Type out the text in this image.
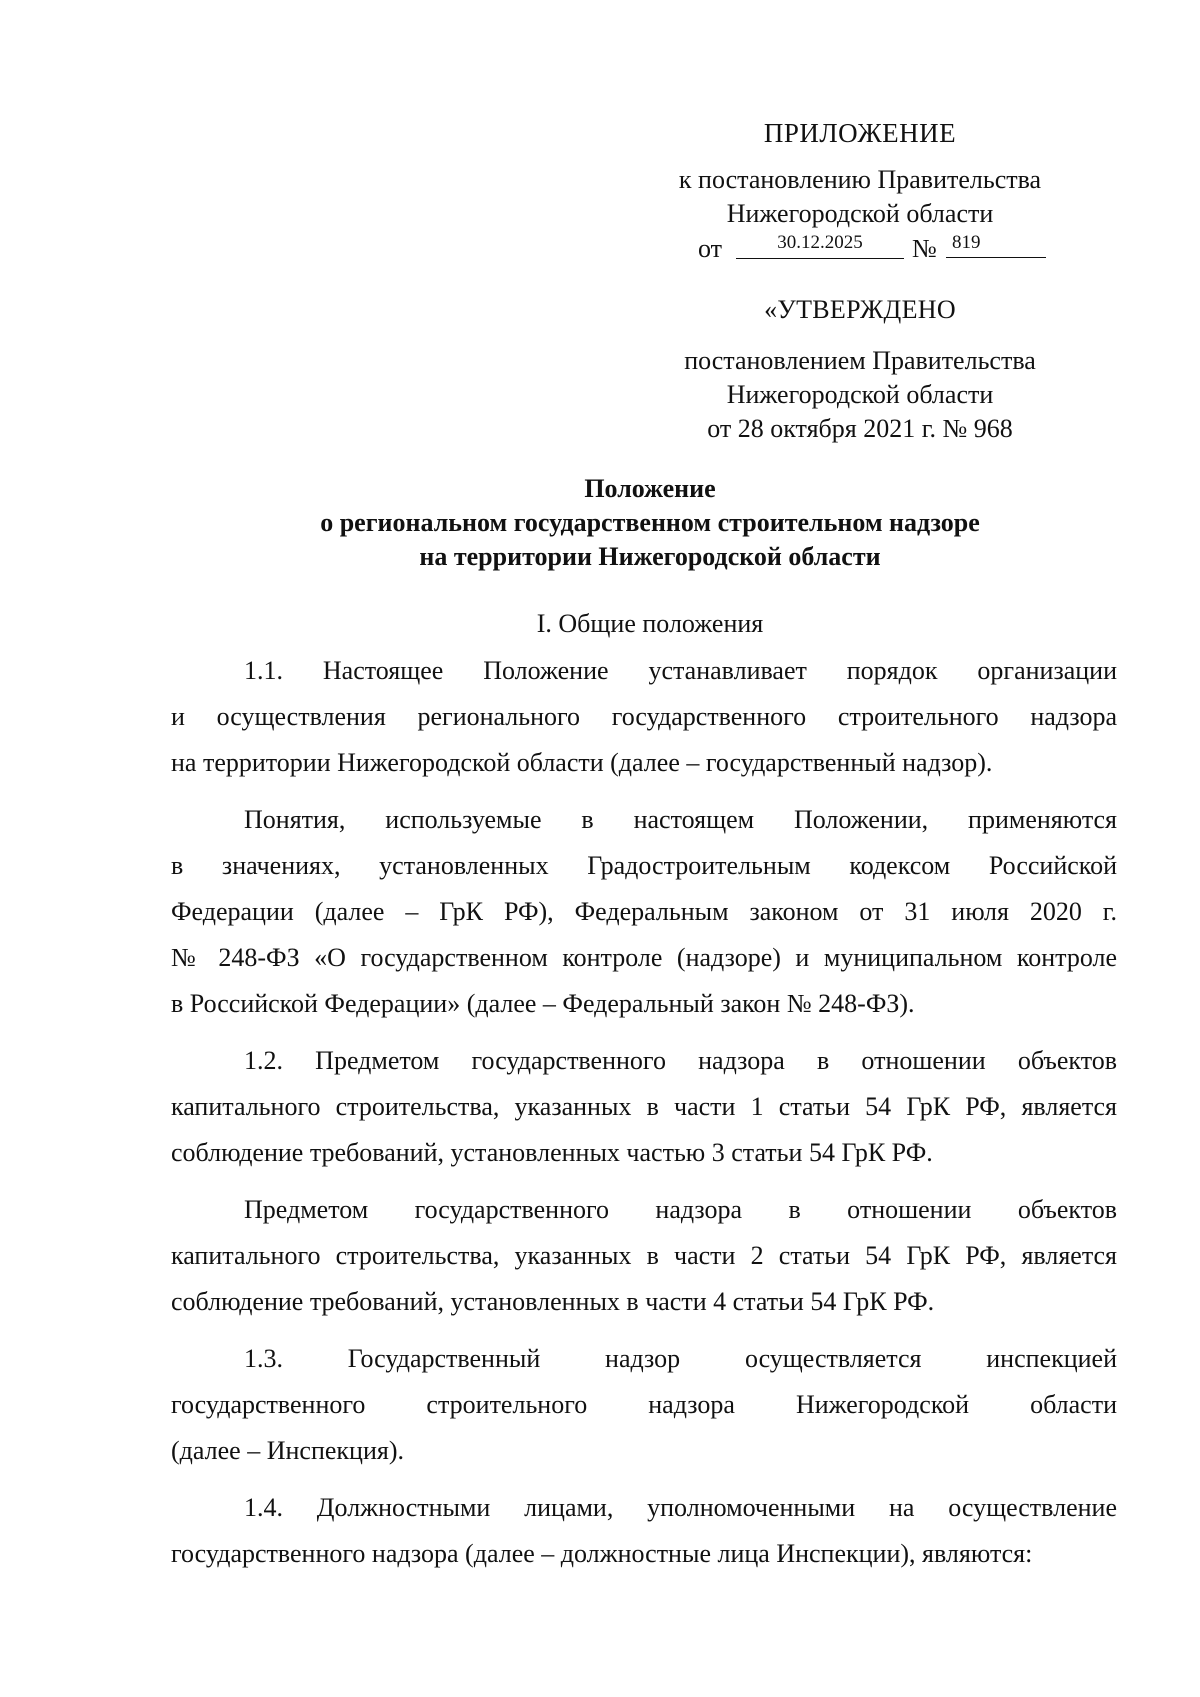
ПРИЛОЖЕНИЕ
к постановлению Правительства
Нижегородской области
от	30.12.2025	№ 819
«УТВЕРЖДЕНО
постановлением Правительства
Нижегородской области
от 28 октября 2021 г. № 968
Положение
о региональном государственном строительном надзоре
на территории Нижегородской области
I. Общие положения
1.1. Настоящее Положение устанавливает порядок организации
и осуществления регионального государственного строительного надзора
на территории Нижегородской области (далее – государственный надзор).
Понятия, используемые в настоящем Положении, применяются
в значениях, установленных Градостроительным кодексом Российской
Федерации (далее – ГрК РФ), Федеральным законом от 31 июля 2020 г.
№ 248-ФЗ «О государственном контроле (надзоре) и муниципальном контроле
в Российской Федерации» (далее – Федеральный закон № 248-ФЗ).
1.2. Предметом государственного надзора в отношении объектов
капитального строительства, указанных в части 1 статьи 54 ГрК РФ, является
соблюдение требований, установленных частью 3 статьи 54 ГрК РФ.
Предметом государственного надзора в отношении объектов
капитального строительства, указанных в части 2 статьи 54 ГрК РФ, является
соблюдение требований, установленных в части 4 статьи 54 ГрК РФ.
1.3. Государственный надзор осуществляется инспекцией
государственного строительного надзора Нижегородской области
(далее – Инспекция).
1.4. Должностными лицами, уполномоченными на осуществление
государственного надзора (далее – должностные лица Инспекции), являются:
